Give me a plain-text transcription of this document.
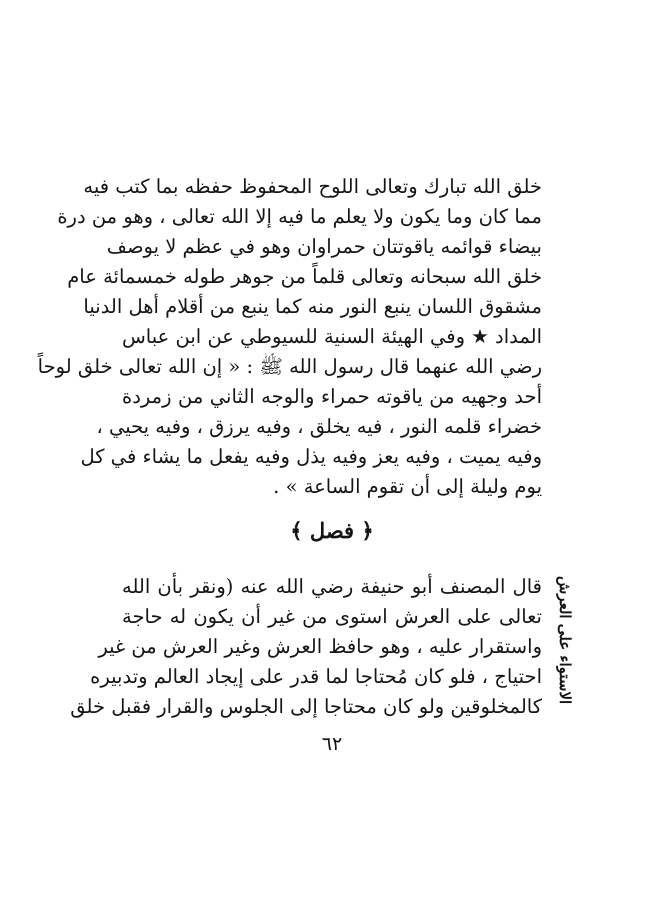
خلق الله تبارك وتعالى اللوح المحفوظ حفظه بما كتب فيه

مما كان وما يكون ولا يعلم ما فيه إلا الله تعالى ، وهو من درة

بيضاء قوائمه ياقوتتان حمراوان وهو في عظم لا يوصف

خلق الله سبحانه وتعالى قلماً من جوهر طوله خمسمائة عام

مشقوق اللسان ينبع النور منه كما ينبع من أقلام أهل الدنيا

المداد ★ وفي الهيئة السنية للسيوطي عن ابن عباس

رضي الله عنهما قال رسول الله ﷺ : « إن الله تعالى خلق لوحاً

أحد وجهيه من ياقوته حمراء والوجه الثاني من زمردة

خضراء قلمه النور ، فيه يخلق ، وفيه يرزق ، وفيه يحيي ،

وفيه يميت ، وفيه يعز وفيه يذل وفيه يفعل ما يشاء في كل

يوم وليلة إلى أن تقوم الساعة » .

﴿ فصل ﴾
الاستواء على العرش

قال المصنف أبو حنيفة رضي الله عنه (ونقر بأن الله

تعالى على العرش استوى من غير أن يكون له حاجة

واستقرار عليه ، وهو حافظ العرش وغير العرش من غير

احتياج ، فلو كان مُحتاجا لما قدر على إيجاد العالم وتدبيره

كالمخلوقين ولو كان محتاجا إلى الجلوس والقرار فقبل خلق

٦٢
